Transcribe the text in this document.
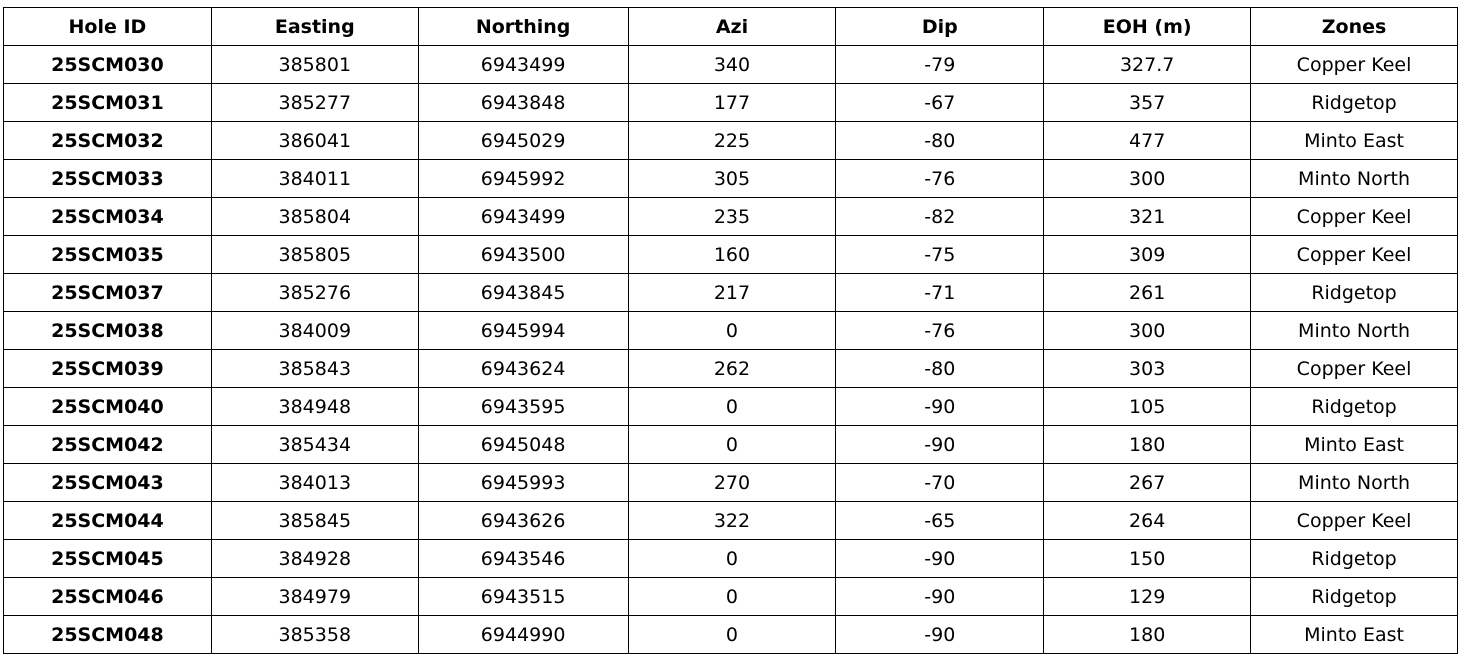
Hole ID	Easting	Northing	Azi	Dip	EOH (m)	Zones
25SCM030	385801	6943499	340	-79	327.7	Copper Keel
25SCM031	385277	6943848	177	-67	357	Ridgetop
25SCM032	386041	6945029	225	-80	477	Minto East
25SCM033	384011	6945992	305	-76	300	Minto North
25SCM034	385804	6943499	235	-82	321	Copper Keel
25SCM035	385805	6943500	160	-75	309	Copper Keel
25SCM037	385276	6943845	217	-71	261	Ridgetop
25SCM038	384009	6945994	0	-76	300	Minto North
25SCM039	385843	6943624	262	-80	303	Copper Keel
25SCM040	384948	6943595	0	-90	105	Ridgetop
25SCM042	385434	6945048	0	-90	180	Minto East
25SCM043	384013	6945993	270	-70	267	Minto North
25SCM044	385845	6943626	322	-65	264	Copper Keel
25SCM045	384928	6943546	0	-90	150	Ridgetop
25SCM046	384979	6943515	0	-90	129	Ridgetop
25SCM048	385358	6944990	0	-90	180	Minto East
